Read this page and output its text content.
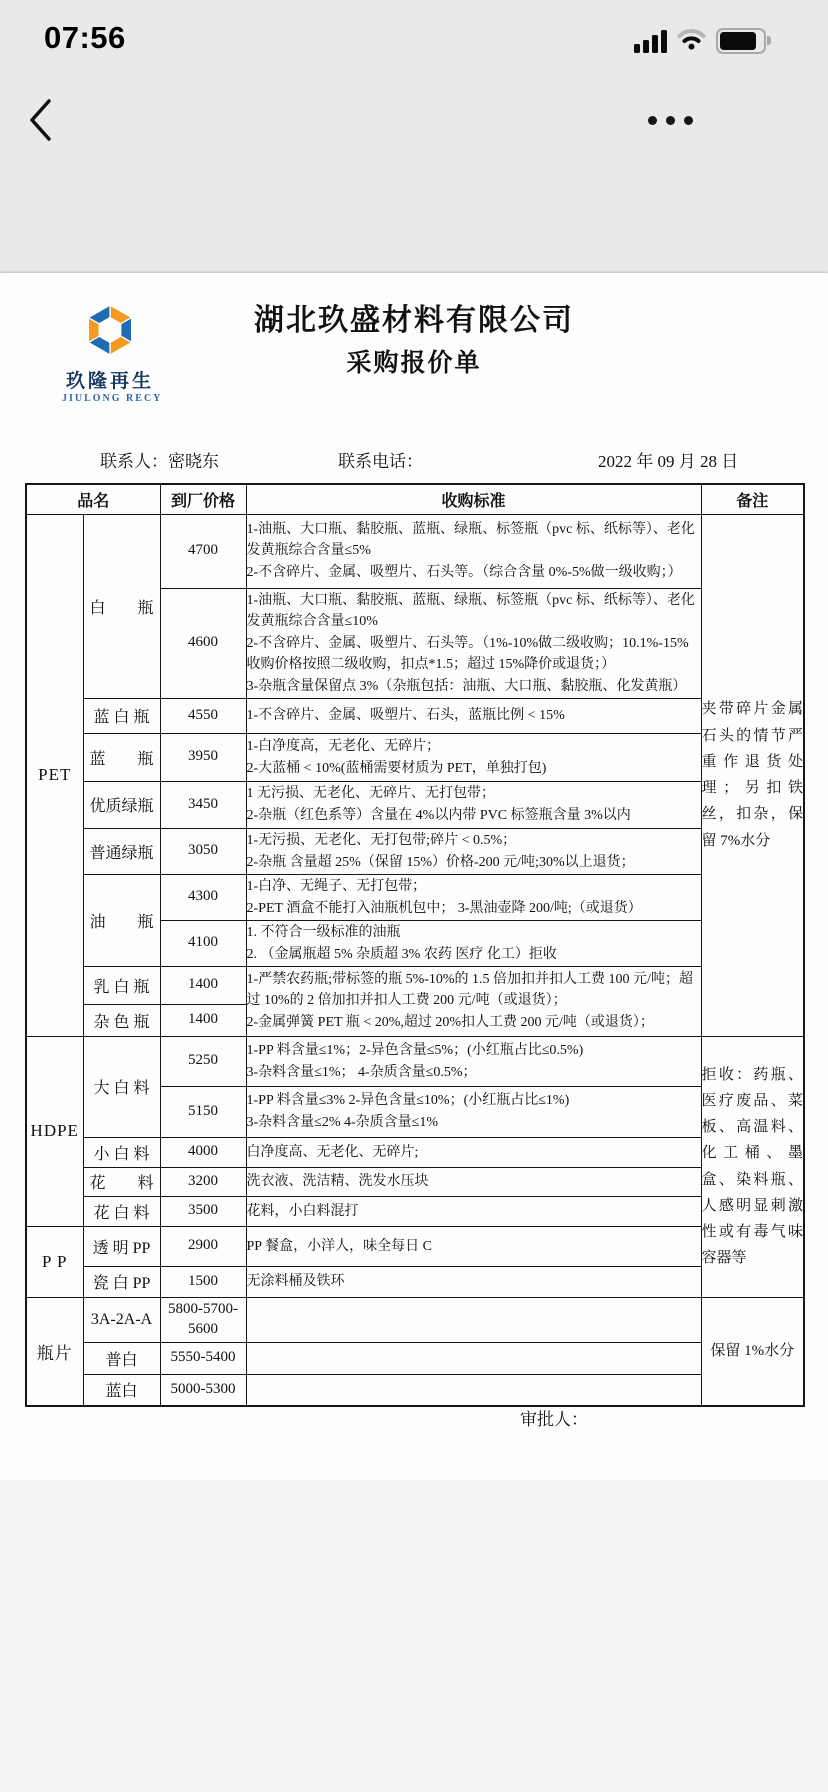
07:56
玖隆再生
JIULONG RECY
湖北玖盛材料有限公司
采购报价单
联系人：密晓东	联系电话：	2022 年 09 月 28 日
品名		到厂价格	收购标准	备注
PET	白　　瓶	4700	1-油瓶、大口瓶、黏胶瓶、蓝瓶、绿瓶、标签瓶（pvc 标、纸标等）、老化发黄瓶综合含量≤5%
2-不含碎片、金属、吸塑片、石头等。（综合含量 0%-5%做一级收购；）	夹带碎片金属石头的情节严重作退货处理；另扣铁丝，扣杂，保留 7%水分
		4600	1-油瓶、大口瓶、黏胶瓶、蓝瓶、绿瓶、标签瓶（pvc 标、纸标等）、老化发黄瓶综合含量≤10%
2-不含碎片、金属、吸塑片、石头等。（1%-10%做二级收购；10.1%-15%收购价格按照二级收购，扣点*1.5；超过 15%降价或退货；）
3-杂瓶含量保留点 3%（杂瓶包括：油瓶、大口瓶、黏胶瓶、化发黄瓶）	

	蓝 白 瓶	4550	1-不含碎片、金属、吸塑片、石头，蓝瓶比例 < 15%	

	蓝　　瓶	3950	1-白净度高，无老化、无碎片；
2-大蓝桶 < 10%(蓝桶需要材质为 PET，单独打包)	

	优质绿瓶	3450	1 无污损、无老化、无碎片、无打包带；
2-杂瓶（红色系等）含量在 4%以内带 PVC 标签瓶含量 3%以内	

	普通绿瓶	3050	1-无污损、无老化、无打包带;碎片 < 0.5%；
2-杂瓶 含量超 25%（保留 15%）价格-200 元/吨;30%以上退货；	

	油　　瓶	4300	1-白净、无绳子、无打包带；
2-PET 酒盒不能打入油瓶机包中； 3-黑油壶降 200/吨;（或退货）	

		4100	1. 不符合一级标准的油瓶
2. （金属瓶超 5% 杂质超 3% 农药 医疗 化工）拒收	

	乳 白 瓶	1400	1-严禁农药瓶;带标签的瓶 5%-10%的 1.5 倍加扣并扣人工费 100 元/吨；超过 10%的 2 倍加扣并扣人工费 200 元/吨（或退货）；
2-金属弹簧 PET 瓶 < 20%,超过 20%扣人工费 200 元/吨（或退货）；	

	杂 色 瓶	1400		
HDPE	大 白 料	5250	1-PP 料含量≤1%；2-异色含量≤5%；(小红瓶占比≤0.5%)
3-杂料含量≤1%； 4-杂质含量≤0.5%；	拒收：药瓶、医疗废品、菜板、高温料、化工桶、墨盒、染料瓶、人感明显刺激性或有毒气味容器等
		5150	1-PP 料含量≤3% 2-异色含量≤10%；(小红瓶占比≤1%)
3-杂料含量≤2% 4-杂质含量≤1%	

	小 白 料	4000	白净度高、无老化、无碎片;	

	花　　料	3200	洗衣液、洗洁精、洗发水压块	

	花 白 料	3500	花料，小白料混打	

P P	透 明 PP	2900	PP 餐盒，小洋人，味全每日 C	

	瓷 白 PP	1500	无涂料桶及铁环	

瓶片	3A-2A-A	5800-5700-5600		保留 1%水分
	普白	5550-5400		
	蓝白	5000-5300		
审批人：
